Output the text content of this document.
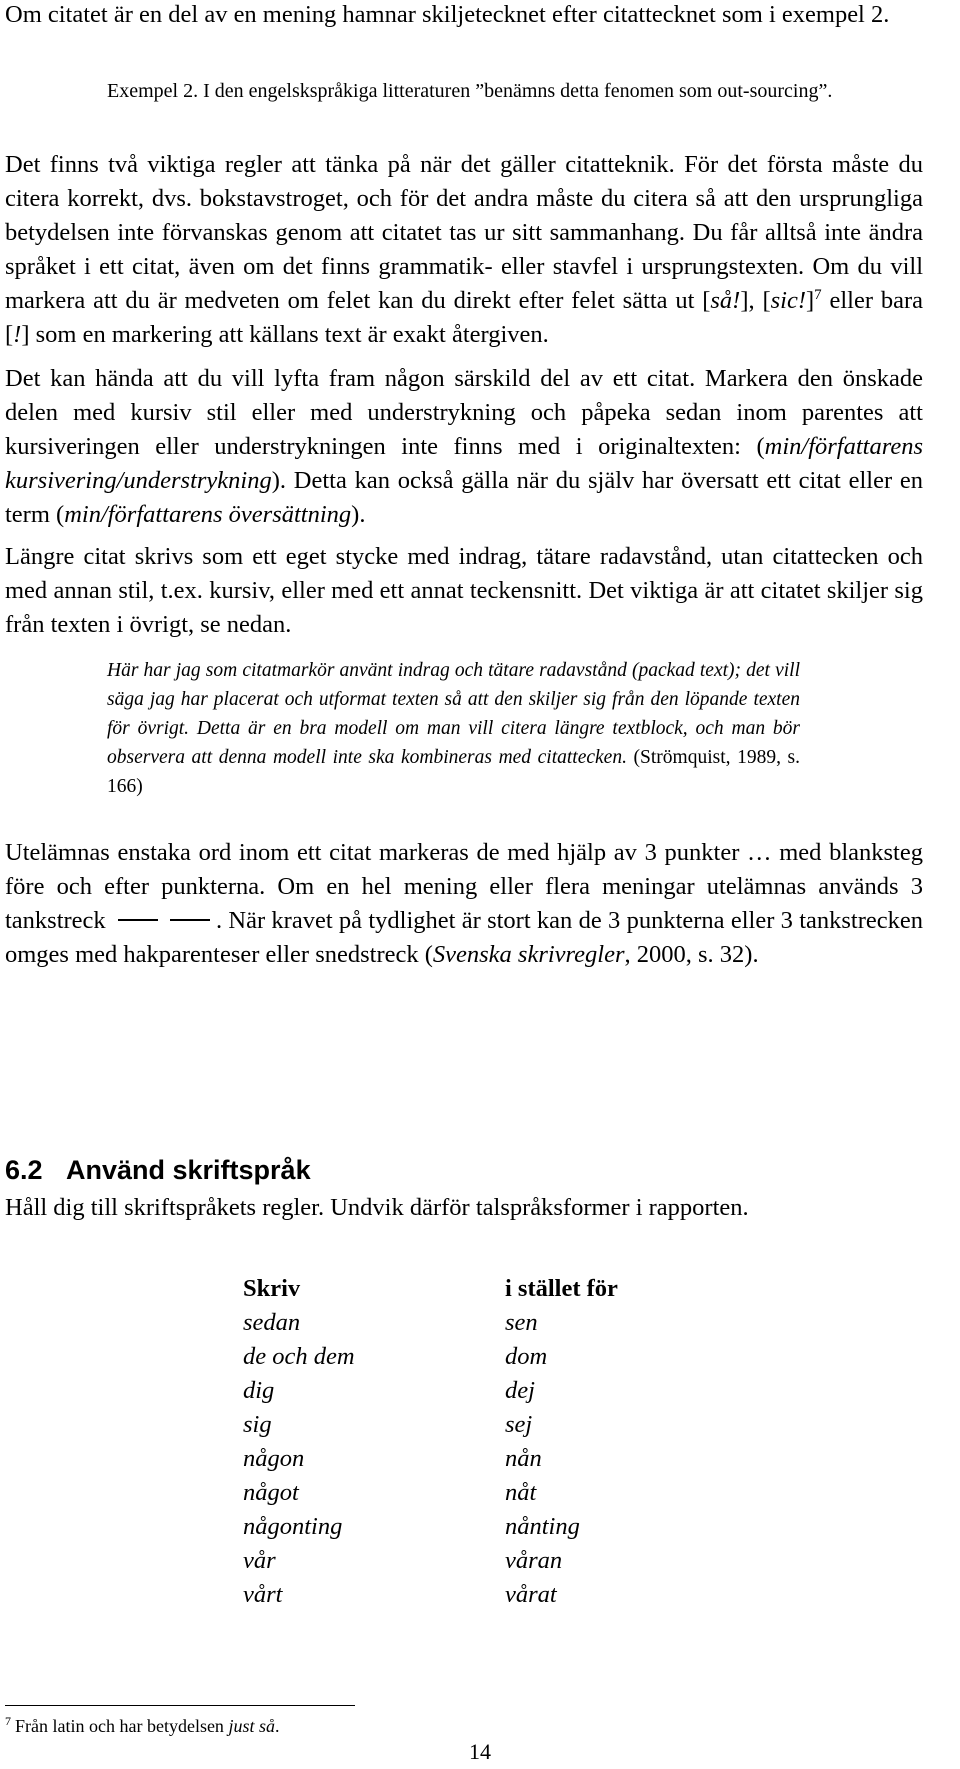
Om citatet är en del av en mening hamnar skiljetecknet efter citattecknet som i exempel 2.

Exempel 2. I den engelskspråkiga litteraturen ”benämns detta fenomen som out-sourcing”.

Det finns två viktiga regler att tänka på när det gäller citatteknik. För det första måste du citera korrekt, dvs. bokstavstroget, och för det andra måste du citera så att den ursprungliga betydelsen inte förvanskas genom att citatet tas ur sitt sammanhang. Du får alltså inte ändra språket i ett citat, även om det finns grammatik- eller stavfel i ursprungstexten. Om du vill markera att du är medveten om felet kan du direkt efter felet sätta ut [så!], $[sic!]^7$ eller bara [!] som en markering att källans text är exakt återgiven.

Det kan hända att du vill lyfta fram någon särskild del av ett citat. Markera den önskade delen med kursiv stil eller med understrykning och påpeka sedan inom parentes att kursiveringen eller understrykningen inte finns med i originaltexten: (min/författarens kursivering/understrykning). Detta kan också gälla när du själv har översatt ett citat eller en term (min/författarens översättning).

Längre citat skrivs som ett eget stycke med indrag, tätare radavstånd, utan citattecken och med annan stil, t.ex. kursiv, eller med ett annat teckensnitt. Det viktiga är att citatet skiljer sig från texten i övrigt, se nedan.

Här har jag som citatmarkör använt indrag och tätare radavstånd (packad text); det vill säga jag har placerat och utformat texten så att den skiljer sig från den löpande texten för övrigt. Detta är en bra modell om man vill citera längre textblock, och man bör observera att denna modell inte ska kombineras med citattecken. (Strömquist, 1989, s. 166)

Utelämnas enstaka ord inom ett citat markeras de med hjälp av 3 punkter … med blanksteg före och efter punkterna. Om en hel mening eller flera meningar utelämnas används 3 tankstreck	. När kravet på tydlighet är stort kan de 3 punkterna eller 3 tankstrecken omges med hakparenteser eller snedstreck (Svenska skrivregler, 2000, s. 32).

6.2 Använd skriftspråk

Håll dig till skriftspråkets regler. Undvik därför talspråksformer i rapporten.

Skriv

sedan

de och dem

dig

sig

någon

något

någonting

vår

vårt

i stället för

sen

dom

dej

sej

nån

nåt

nånting

våran

vårat

$^7$ Från latin och har betydelsen just så.

14
